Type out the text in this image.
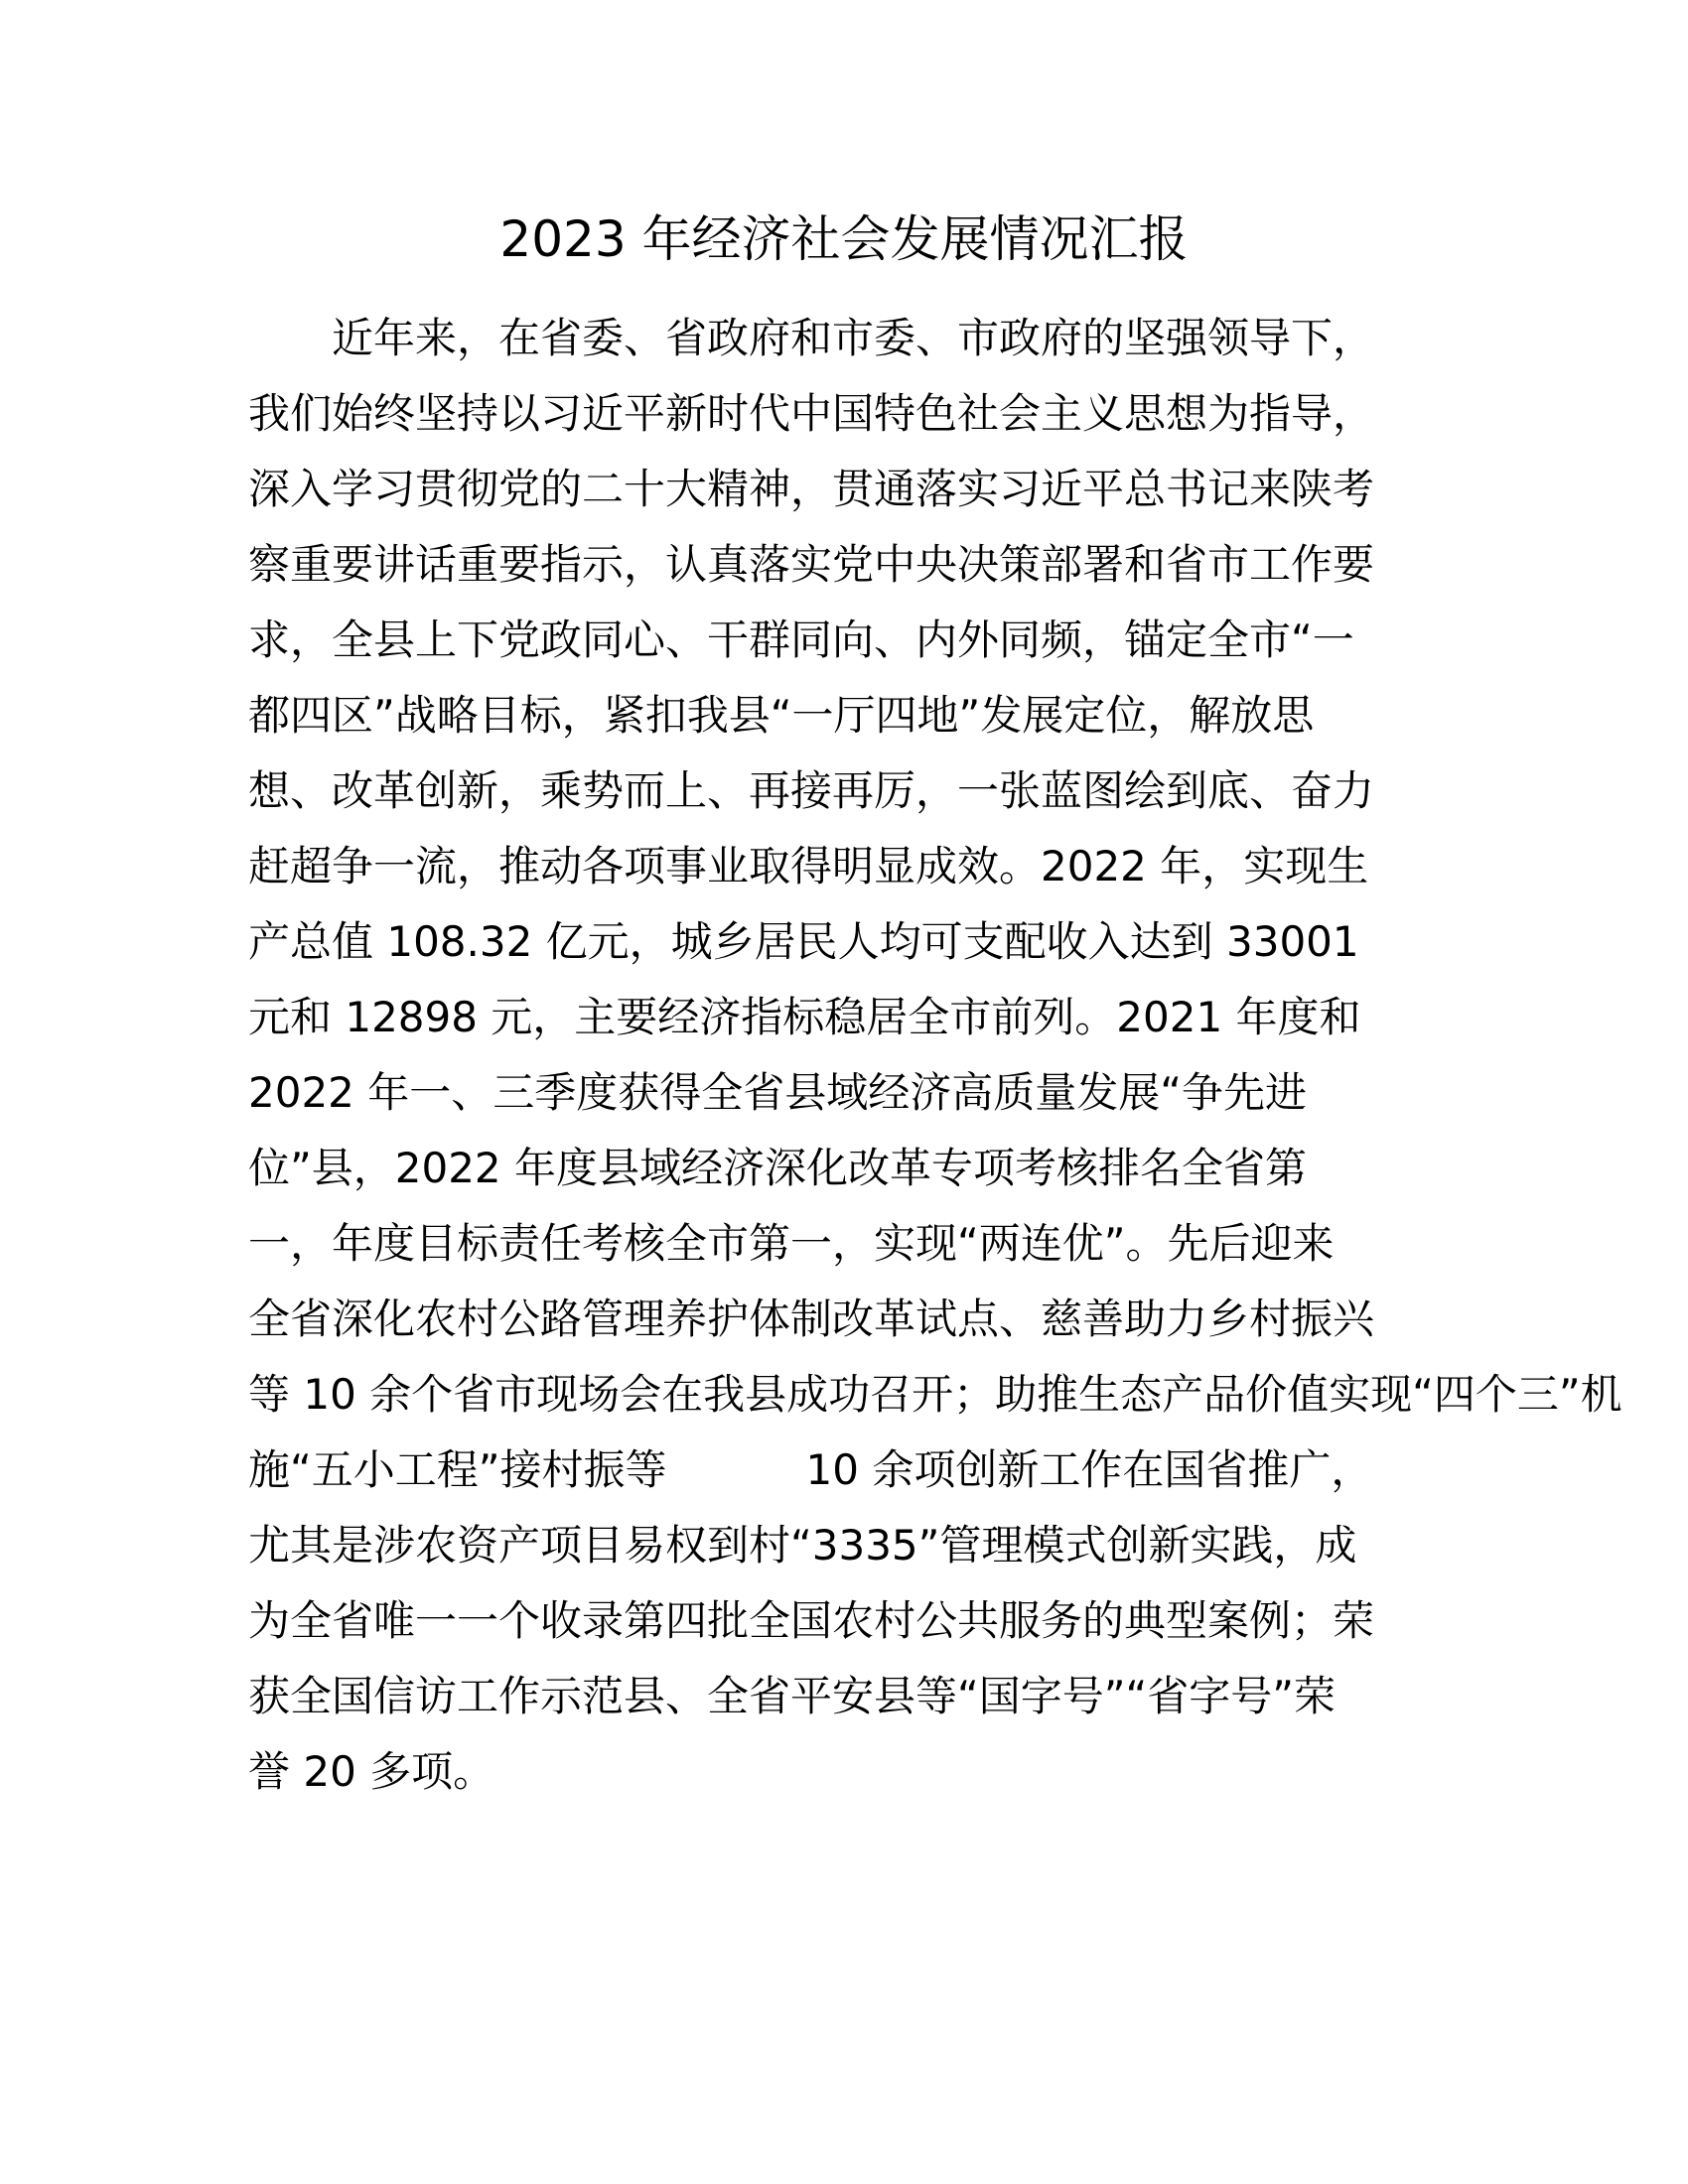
2023 年经济社会发展情况汇报

近年来，在省委、省政府和市委、市政府的坚强领导下，

我们始终坚持以习近平新时代中国特色社会主义思想为指导，

深入学习贯彻党的二十大精神，贯通落实习近平总书记来陕考

察重要讲话重要指示，认真落实党中央决策部署和省市工作要

求，全县上下党政同心、干群同向、内外同频，锚定全市“一

都四区”战略目标，紧扣我县“一厅四地”发展定位，解放思

想、改革创新，乘势而上、再接再厉，一张蓝图绘到底、奋力

赶超争一流，推动各项事业取得明显成效。2022 年，实现生

产总值 108.32 亿元，城乡居民人均可支配收入达到 33001

元和 12898 元，主要经济指标稳居全市前列。2021 年度和

2022 年一、三季度获得全省县域经济高质量发展“争先进

位”县，2022 年度县域经济深化改革专项考核排名全省第

一，年度目标责任考核全市第一，实现“两连优”。先后迎来

全省深化农村公路管理养护体制改革试点、慈善助力乡村振兴

等 10 余个省市现场会在我县成功召开；助推生态产品价值实现“四个三”机

施“五小工程”接村振等	10 余项创新工作在国省推广，

尤其是涉农资产项目易权到村“3335”管理模式创新实践，成

为全省唯一一个收录第四批全国农村公共服务的典型案例；荣

获全国信访工作示范县、全省平安县等“国字号”“省字号”荣

誉 20 多项。
